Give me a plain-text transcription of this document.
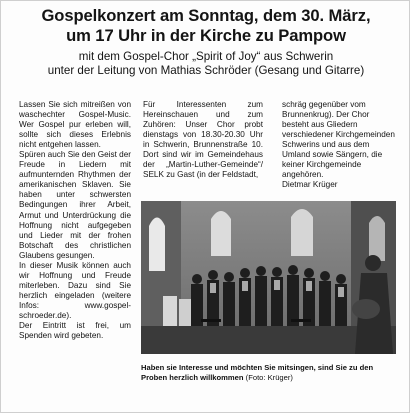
Gospelkonzert am Sonntag, dem 30. März,
um 17 Uhr in der Kirche zu Pampow
mit dem Gospel-Chor „Spirit of Joy“ aus Schwerin
unter der Leitung von Mathias Schröder (Gesang und Gitarre)

Lassen Sie sich mitreißen von waschechter Gospel-Music. Wer Gospel pur erleben will, sollte sich dieses Erlebnis nicht entgehen lassen.

Spüren auch Sie den Geist der Freude in Liedern mit aufmunternden Rhythmen der amerikanischen Sklaven. Sie haben unter schwersten Bedingungen ihrer Arbeit, Armut und Unterdrückung die Hoffnung nicht aufgegeben und Lieder mit der frohen Botschaft des christlichen Glaubens gesungen.

In dieser Musik können auch wir Hoffnung und Freude miterleben. Dazu sind Sie herzlich eingeladen (weitere Infos: www.gospel-schroeder.de).

Der Eintritt ist frei, um Spenden wird gebeten.

Für Interessenten zum Hereinschauen und zum Zuhören: Unser Chor probt dienstags von 18.30-20.30 Uhr in Schwerin, Brunnenstraße 10. Dort sind wir im Gemeindehaus der „Martin-Luther-Gemeinde“/ SELK zu Gast (in der Feldstadt,

schräg gegenüber vom Brunnenkrug). Der Chor besteht aus Gliedern verschiedener Kirchgemeinden Schwerins und aus dem Umland sowie Sängern, die keiner Kirchgemeinde angehören.

Dietmar Krüger

Haben sie Interesse und möchten Sie mitsingen, sind Sie zu den Proben herzlich willkommen (Foto: Krüger)
